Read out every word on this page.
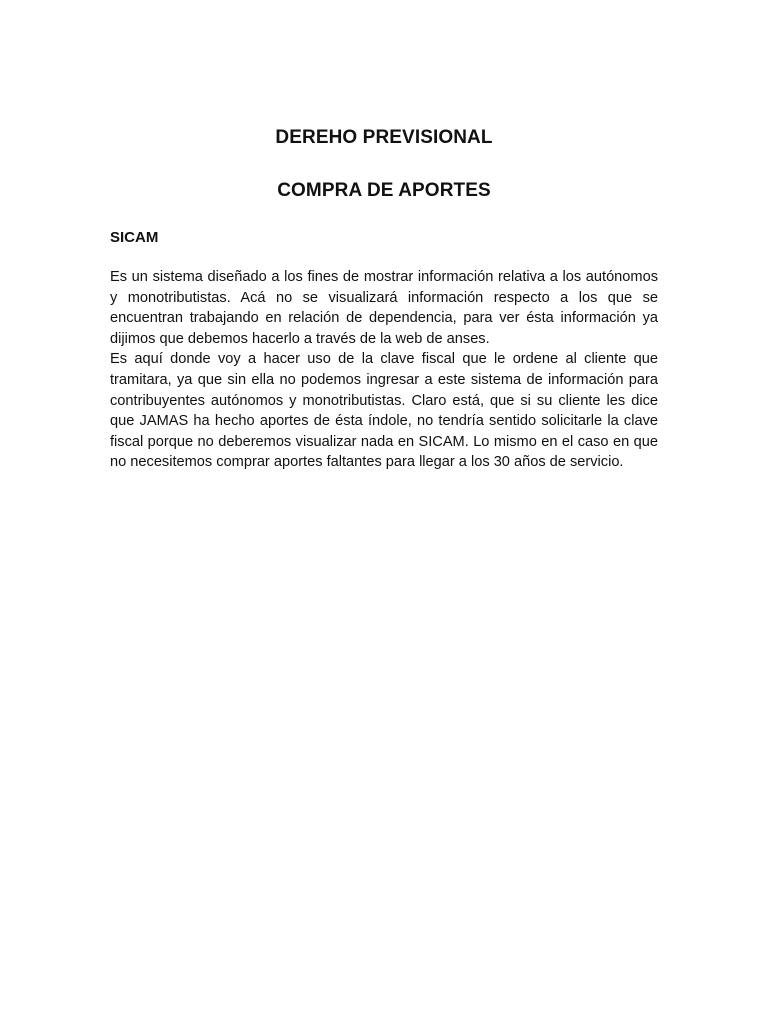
DEREHO PREVISIONAL
COMPRA DE APORTES
SICAM

Es un sistema diseñado a los fines de mostrar información relativa a los autónomos y monotributistas. Acá no se visualizará información respecto a los que se encuentran trabajando en relación de dependencia, para ver ésta información ya dijimos que debemos hacerlo a través de la web de anses.

Es aquí donde voy a hacer uso de la clave fiscal que le ordene al cliente que tramitara, ya que sin ella no podemos ingresar a este sistema de información para contribuyentes autónomos y monotributistas. Claro está, que si su cliente les dice que JAMAS ha hecho aportes de ésta índole, no tendría sentido solicitarle la clave fiscal porque no deberemos visualizar nada en SICAM. Lo mismo en el caso en que no necesitemos comprar aportes faltantes para llegar a los 30 años de servicio.
